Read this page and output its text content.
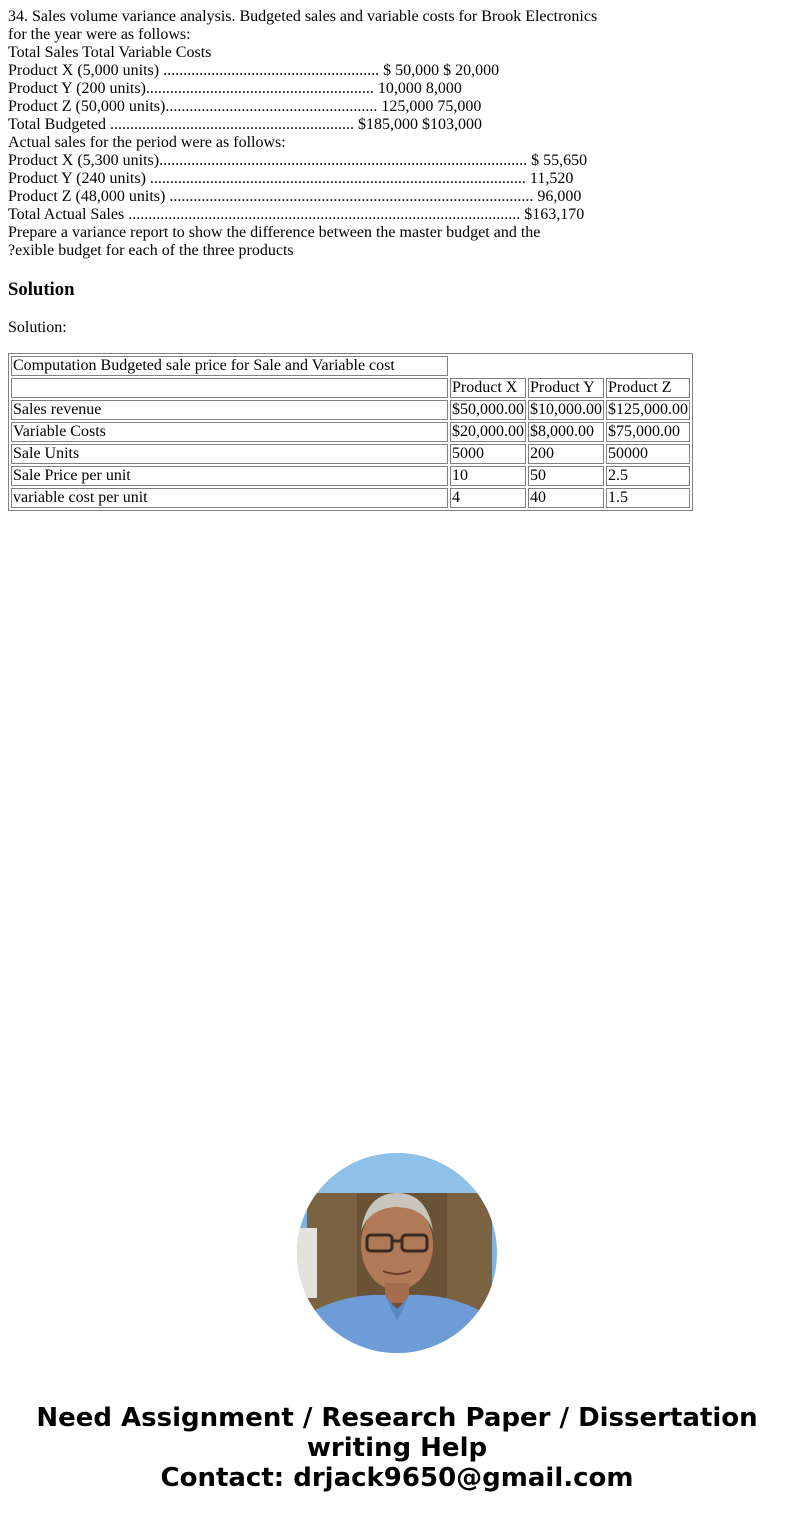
34. Sales volume variance analysis. Budgeted sales and variable costs for Brook Electronics
for the year were as follows:
Total Sales Total Variable Costs
Product X (5,000 units) ...................................................... $ 50,000 $ 20,000
Product Y (200 units)......................................................... 10,000 8,000
Product Z (50,000 units)..................................................... 125,000 75,000
Total Budgeted ............................................................. $185,000 $103,000
Actual sales for the period were as follows:
Product X (5,300 units)............................................................................................ $ 55,650
Product Y (240 units) .............................................................................................. 11,520
Product Z (48,000 units) ........................................................................................... 96,000
Total Actual Sales .................................................................................................. $163,170
Prepare a variance report to show the difference between the master budget and the
?exible budget for each of the three products
Solution

Solution:

Computation Budgeted sale price for Sale and Variable cost			
	Product X	Product Y	Product Z
Sales revenue	$50,000.00	$10,000.00	$125,000.00
Variable Costs	$20,000.00	$8,000.00	$75,000.00
Sale Units	5000	200	50000
Sale Price per unit	10	50	2.5
variable cost per unit	4	40	1.5
Need Assignment / Research Paper / Dissertation
writing Help
Contact: drjack9650@gmail.com
